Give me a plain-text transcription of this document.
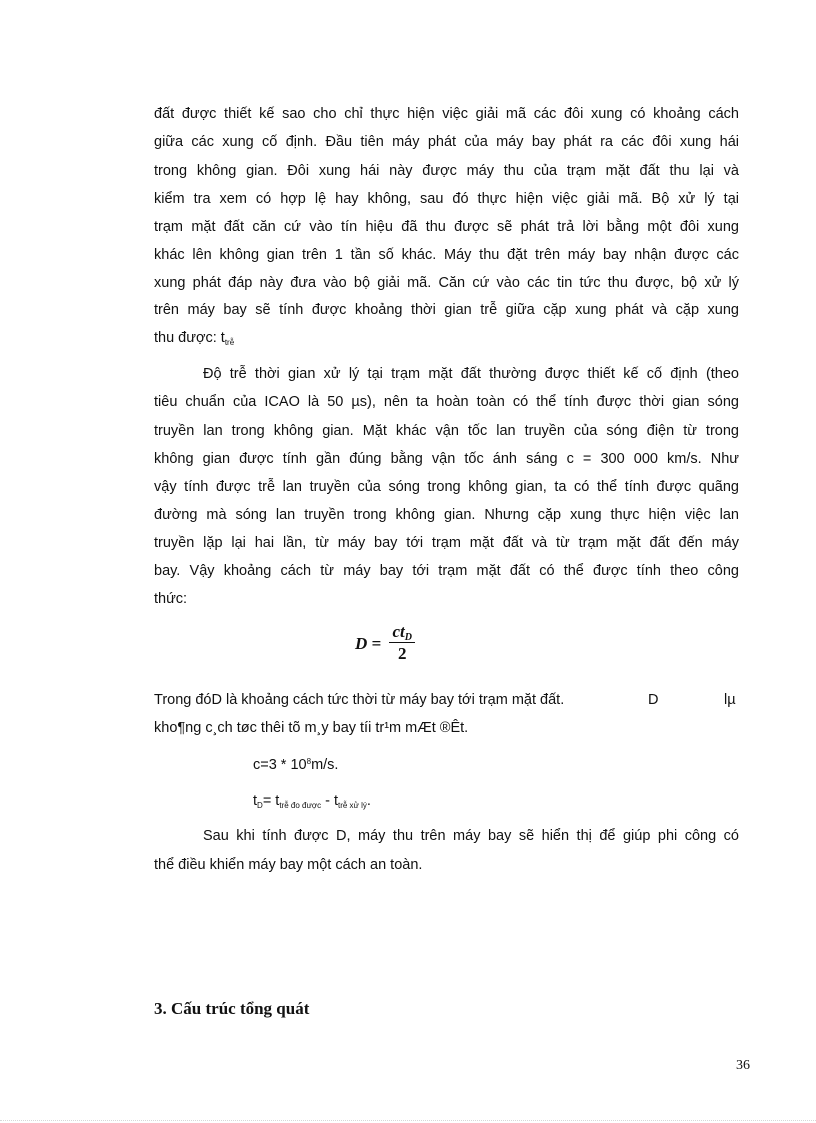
đất được thiết kế sao cho chỉ thực hiện việc giải mã các đôi xung có khoảng cách
giữa các xung cố định. Đầu tiên máy phát của máy bay phát ra các đôi xung hái
trong không gian. Đôi xung hái này được máy thu của trạm mặt đất thu lại và
kiểm tra xem có hợp lệ hay không, sau đó thực hiện việc giải mã. Bộ xử lý tại
trạm mặt đất căn cứ vào tín hiệu đã thu được sẽ phát trả lời bằng một đôi xung
khác lên không gian trên 1 tần số khác. Máy thu đặt trên máy bay nhận được các
xung phát đáp này đưa vào bộ giải mã. Căn cứ vào các tin tức thu được, bộ xử lý
trên máy bay sẽ tính được khoảng thời gian trễ giữa cặp xung phát và cặp xung
thu được: $t_{trễ}$
Độ trễ thời gian xử lý tại trạm mặt đất thường được thiết kế cố định (theo
tiêu chuẩn của ICAO là 50 µs), nên ta hoàn toàn có thể tính được thời gian sóng
truyền lan trong không gian. Mặt khác vận tốc lan truyền của sóng điện từ trong
không gian được tính gần đúng bằng vận tốc ánh sáng c = 300 000 km/s. Như
vậy tính được trễ lan truyền của sóng trong không gian, ta có thể tính được quãng
đường mà sóng lan truyền trong không gian. Nhưng cặp xung thực hiện việc lan
truyền lặp lại hai lần, từ máy bay tới trạm mặt đất và từ trạm mặt đất đến máy
bay. Vậy khoảng cách từ máy bay tới trạm mặt đất có thể được tính theo công
thức:
$D = \frac{ct_D}{2}$
Trong đóD là khoảng cách tức thời từ máy bay tới trạm mặt đất.	D	lµ
kho¶ng c¸ch tøc thêi tõ m¸y bay tíi tr¹m mÆt ®Êt.
$c=3 * 10^8m/s$.
$t_D= t_{trễ đo được} - t_{trễ xử lý}$.
Sau khi tính được D, máy thu trên máy bay sẽ hiển thị để giúp phi công có
thể điều khiển máy bay một cách an toàn.
3. Cấu trúc tổng quát
36
